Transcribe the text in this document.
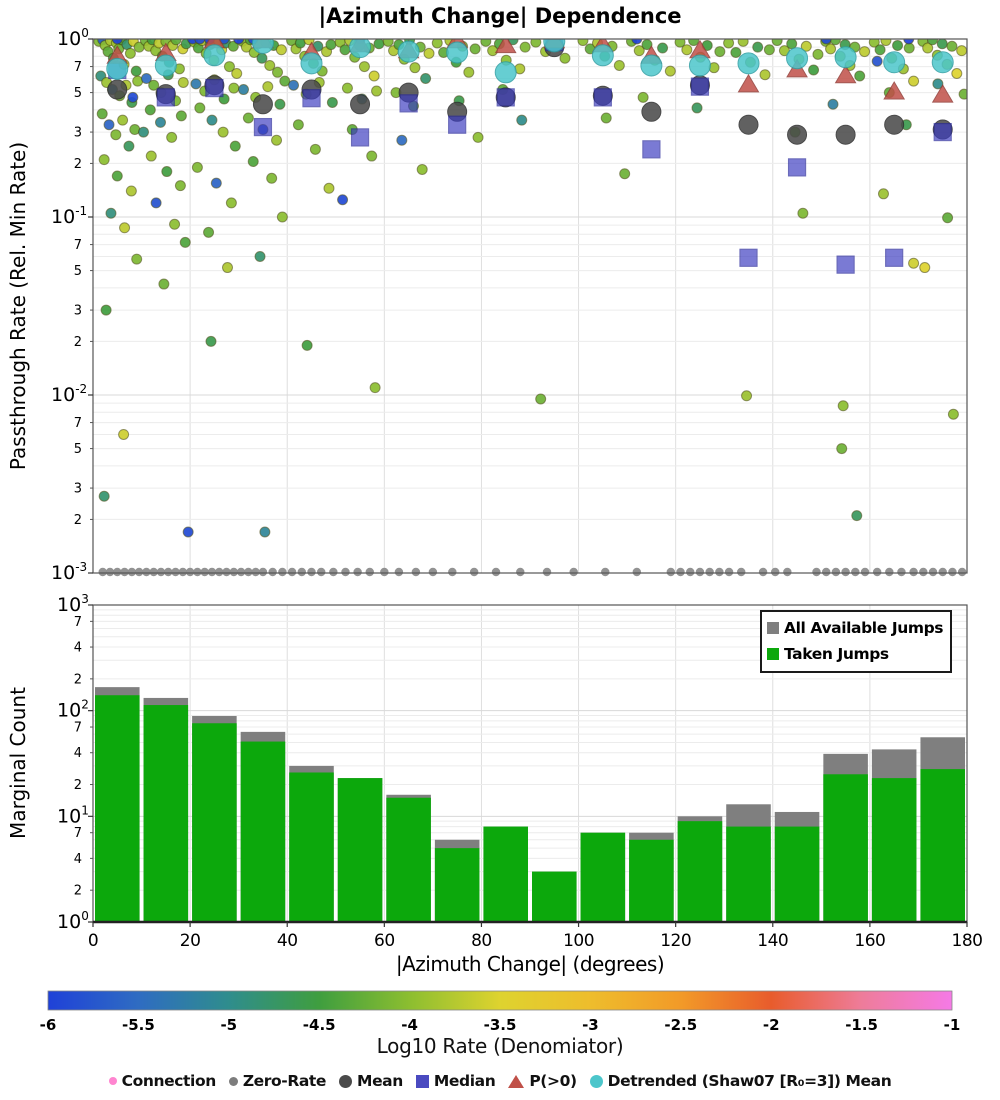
$10^0$
$10^{-1}$
$10^{-2}$
$10^{-3}$
7
5
3
2
7
5
3
2
7
5
3
2
$10^3$
$10^2$
$10^1$
$10^0$
7
4
2
7
4
2
7
4
2
0	20	40	60	80	100	120	140	160	180
-6	-5.5	-5	-4.5	-4	-3.5	-3	-2.5	-2	-1.5	-1
|Azimuth Change| Dependence
Passthrough Rate (Rel. Min Rate)
Marginal Count
|Azimuth Change| (degrees)
Log10 Rate (Denomiator)
All Available Jumps
Taken Jumps
Connection Zero-Rate Mean Median P(>0) Detrended (Shaw07 [R₀=3]) Mean
